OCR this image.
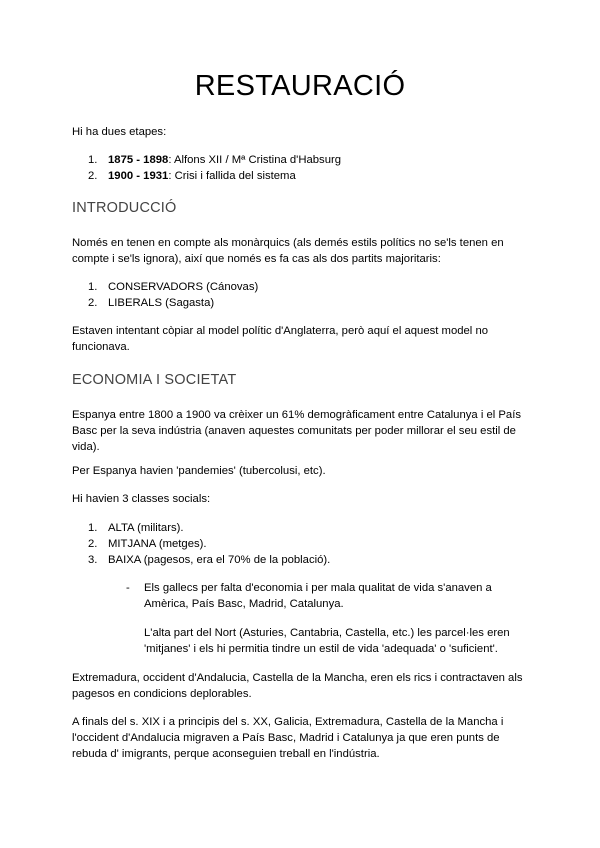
RESTAURACIÓ

Hi ha dues etapes:

1. 1875 - 1898: Alfons XII / Mª Cristina d'Habsurg
2. 1900 - 1931: Crisi i fallida del sistema
INTRODUCCIÓ

Només en tenen en compte als monàrquics (als demés estils polítics no se'ls tenen en compte i se'ls ignora), així que només es fa cas als dos partits majoritaris:

1. CONSERVADORS (Cánovas)
2. LIBERALS (Sagasta)

Estaven intentant còpiar al model polític d'Anglaterra, però aquí el aquest model no funcionava.

ECONOMIA I SOCIETAT

Espanya entre 1800 a 1900 va crèixer un 61% demogràficament entre Catalunya i el País Basc per la seva indústria (anaven aquestes comunitats per poder millorar el seu estil de vida).

Per Espanya havien 'pandemies' (tubercolusi, etc).

Hi havien 3 classes socials:

1. ALTA (militars).
2. MITJANA (metges).
3. BAIXA (pagesos, era el 70% de la població).
- Els gallecs per falta d'economia i per mala qualitat de vida s'anaven a Amèrica, País Basc, Madrid, Catalunya.

L'alta part del Nort (Asturies, Cantabria, Castella, etc.) les parcel·les eren 'mitjanes' i els hi permitia tindre un estil de vida 'adequada' o 'suficient'.

Extremadura, occident d'Andalucia, Castella de la Mancha, eren els rics i contractaven als pagesos en condicions deplorables.

A finals del s. XIX i a principis del s. XX, Galicia, Extremadura, Castella de la Mancha i l'occident d'Andalucia migraven a País Basc, Madrid i Catalunya ja que eren punts de rebuda d' imigrants, perque aconseguien treball en l'indústria.
